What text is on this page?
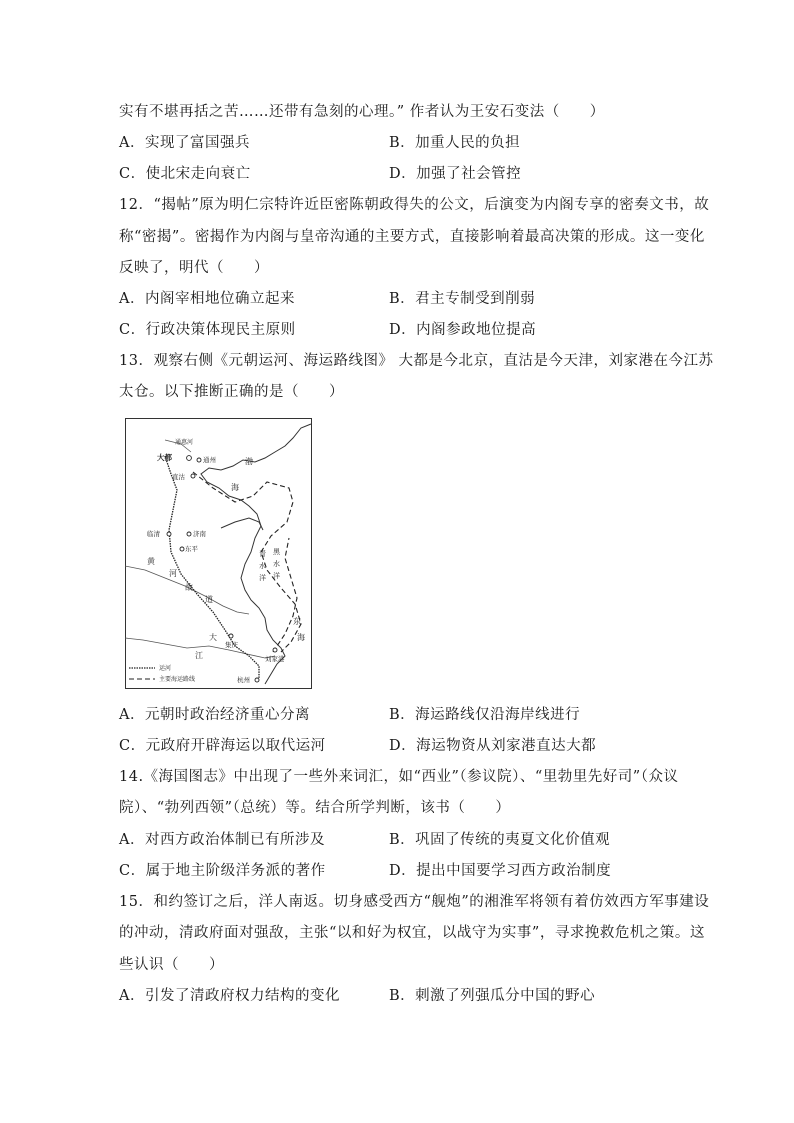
实有不堪再括之苦……还带有急刻的心理。” 作者认为王安石变法（　　）
A．实现了富国强兵	B．加重人民的负担
C．使北宋走向衰亡	D．加强了社会管控
12．“揭帖”原为明仁宗特许近臣密陈朝政得失的公文，后演变为内阁专享的密奏文书，故
称“密揭”。密揭作为内阁与皇帝沟通的主要方式，直接影响着最高决策的形成。这一变化
反映了，明代（　　）
A．内阁宰相地位确立起来	B．君主专制受到削弱
C．行政决策体现民主原则	D．内阁参政地位提高
13．观察右侧《元朝运河、海运路线图》 大都是今北京，直沽是今天津，刘家港在今江苏
太仓。以下推断正确的是（　　）
通惠河
大都	通州
直沽
渤
海
临清	济南
东平
青
水
洋
黑
水
洋
黄
河
故
道
大
江
集庆
东
海
刘家港
杭州
运河
主要海运路线
A．元朝时政治经济重心分离	B．海运路线仅沿海岸线进行
C．元政府开辟海运以取代运河	D．海运物资从刘家港直达大都
14.《海国图志》中出现了一些外来词汇，如“西业”（参议院）、“里勃里先好司”（众议
院）、“勃列西领”（总统）等。结合所学判断，该书（　　）
A．对西方政治体制已有所涉及	B．巩固了传统的夷夏文化价值观
C．属于地主阶级洋务派的著作	D．提出中国要学习西方政治制度
15．和约签订之后，洋人南返。切身感受西方“舰炮”的湘淮军将领有着仿效西方军事建设
的冲动，清政府面对强敌，主张“以和好为权宜，以战守为实事”，寻求挽救危机之策。这
些认识（　　）
A．引发了清政府权力结构的变化	B．刺激了列强瓜分中国的野心
